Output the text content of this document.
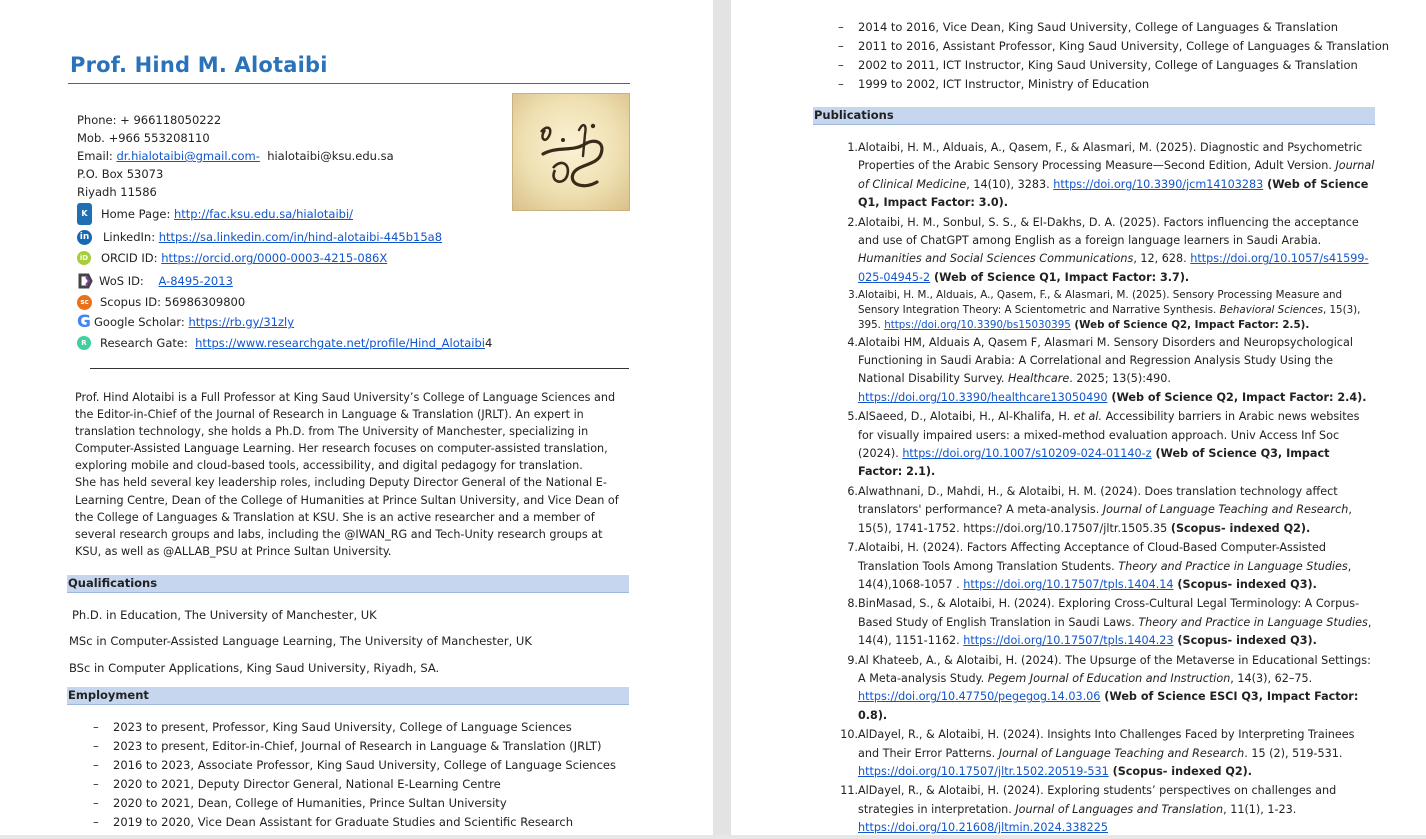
Prof. Hind M. Alotaibi
Phone: + 966118050222
Mob. +966 553208110
Email: dr.hialotaibi@gmail.com-  hialotaibi@ksu.edu.sa
P.O. Box 53073
Riyadh 11586
K	Home Page: http://fac.ksu.edu.sa/hialotaibi/
in LinkedIn: https://sa.linkedin.com/in/hind-alotaibi-445b15a8
iD ORCID ID: https://orcid.org/0000-0003-4215-086X
WoS ID: A-8495-2013
sc Scopus ID: 56986309800
G Google Scholar: https://rb.gy/31zly
R	Research Gate: https://www.researchgate.net/profile/Hind_Alotaibi 4

Prof. Hind Alotaibi is a Full Professor at King Saud University’s College of Language Sciences and the Editor-in-Chief of the Journal of Research in Language & Translation (JRLT). An expert in translation technology, she holds a Ph.D. from The University of Manchester, specializing in Computer-Assisted Language Learning. Her research focuses on computer-assisted translation, exploring mobile and cloud-based tools, accessibility, and digital pedagogy for translation.

She has held several key leadership roles, including Deputy Director General of the National E-Learning Centre, Dean of the College of Humanities at Prince Sultan University, and Vice Dean of the College of Languages & Translation at KSU. She is an active researcher and a member of several research groups and labs, including the @IWAN_RG and Tech-Unity research groups at KSU, as well as @ALLAB_PSU at Prince Sultan University.

Qualifications
Ph.D. in Education, The University of Manchester, UK
MSc in Computer-Assisted Language Learning, The University of Manchester, UK
BSc in Computer Applications, King Saud University, Riyadh, SA.
Employment
– 2023 to present, Professor, King Saud University, College of Language Sciences
– 2023 to present, Editor-in-Chief, Journal of Research in Language & Translation (JRLT)
– 2016 to 2023, Associate Professor, King Saud University, College of Language Sciences
– 2020 to 2021, Deputy Director General, National E-Learning Centre
– 2020 to 2021, Dean, College of Humanities, Prince Sultan University
– 2019 to 2020, Vice Dean Assistant for Graduate Studies and Scientific Research
– 2014 to 2016, Vice Dean, King Saud University, College of Languages & Translation
– 2011 to 2016, Assistant Professor, King Saud University, College of Languages & Translation
– 2002 to 2011, ICT Instructor, King Saud University, College of Languages & Translation
– 1999 to 2002, ICT Instructor, Ministry of Education
Publications
1. Alotaibi, H. M., Alduais, A., Qasem, F., & Alasmari, M. (2025). Diagnostic and Psychometric Properties of the Arabic Sensory Processing Measure—Second Edition, Adult Version. Journal of Clinical Medicine, 14(10), 3283. https://doi.org/10.3390/jcm14103283 (Web of Science Q1, Impact Factor: 3.0).
2. Alotaibi, H. M., Sonbul, S. S., & El-Dakhs, D. A. (2025). Factors influencing the acceptance and use of ChatGPT among English as a foreign language learners in Saudi Arabia. Humanities and Social Sciences Communications, 12, 628. https://doi.org/10.1057/s41599-025-04945-2 (Web of Science Q1, Impact Factor: 3.7).
3. Alotaibi, H. M., Alduais, A., Qasem, F., & Alasmari, M. (2025). Sensory Processing Measure and Sensory Integration Theory: A Scientometric and Narrative Synthesis. Behavioral Sciences, 15(3), 395. https://doi.org/10.3390/bs15030395 (Web of Science Q2, Impact Factor: 2.5).
4. Alotaibi HM, Alduais A, Qasem F, Alasmari M. Sensory Disorders and Neuropsychological Functioning in Saudi Arabia: A Correlational and Regression Analysis Study Using the National Disability Survey. Healthcare. 2025; 13(5):490. https://doi.org/10.3390/healthcare13050490 (Web of Science Q2, Impact Factor: 2.4).
5. AlSaeed, D., Alotaibi, H., Al-Khalifa, H. et al. Accessibility barriers in Arabic news websites for visually impaired users: a mixed-method evaluation approach. Univ Access Inf Soc (2024). https://doi.org/10.1007/s10209-024-01140-z (Web of Science Q3, Impact Factor: 2.1).
6. Alwathnani, D., Mahdi, H., & Alotaibi, H. M. (2024). Does translation technology affect translators' performance? A meta-analysis. Journal of Language Teaching and Research, 15(5), 1741-1752. https://doi.org/10.17507/jltr.1505.35 (Scopus- indexed Q2).
7. Alotaibi, H. (2024). Factors Affecting Acceptance of Cloud-Based Computer-Assisted Translation Tools Among Translation Students. Theory and Practice in Language Studies, 14(4),1068-1057 . https://doi.org/10.17507/tpls.1404.14 (Scopus- indexed Q3).
8. BinMasad, S., & Alotaibi, H. (2024). Exploring Cross-Cultural Legal Terminology: A Corpus-Based Study of English Translation in Saudi Laws. Theory and Practice in Language Studies, 14(4), 1151-1162. https://doi.org/10.17507/tpls.1404.23 (Scopus- indexed Q3).
9. Al Khateeb, A., & Alotaibi, H. (2024). The Upsurge of the Metaverse in Educational Settings: A Meta-analysis Study. Pegem Journal of Education and Instruction, 14(3), 62–75. https://doi.org/10.47750/pegegog.14.03.06 (Web of Science ESCI Q3, Impact Factor: 0.8).
10. AlDayel, R., & Alotaibi, H. (2024). Insights Into Challenges Faced by Interpreting Trainees and Their Error Patterns. Journal of Language Teaching and Research. 15 (2), 519-531. https://doi.org/10.17507/jltr.1502.20519-531 (Scopus- indexed Q2).
11. AlDayel, R., & Alotaibi, H. (2024). Exploring students’ perspectives on challenges and strategies in interpretation. Journal of Languages and Translation, 11(1), 1-23. https://doi.org/10.21608/jltmin.2024.338225
